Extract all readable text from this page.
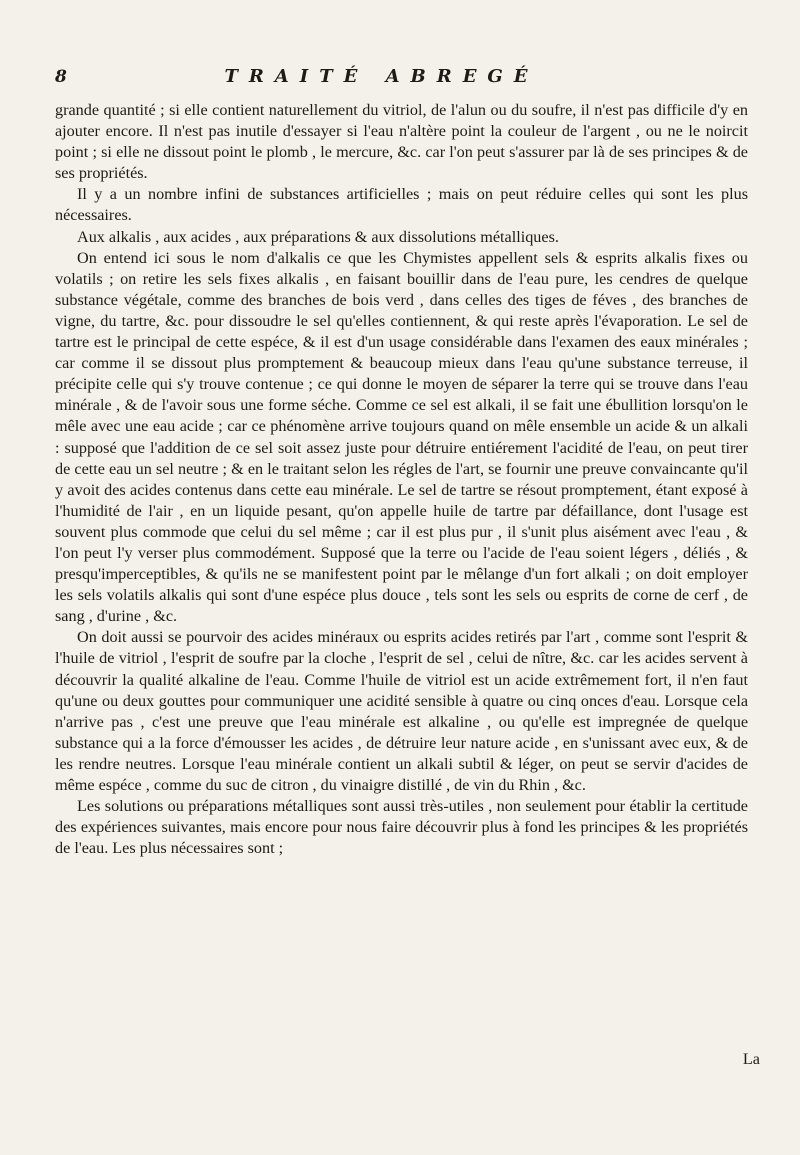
8	TRAITÉ ABREGÉ

grande quantité ; si elle contient naturellement du vitriol, de l'alun ou du soufre, il n'est pas difficile d'y en ajouter encore. Il n'est pas inutile d'essayer si l'eau n'altère point la couleur de l'argent , ou ne le noircit point ; si elle ne dissout point le plomb , le mercure, &c. car l'on peut s'assurer par là de ses principes & de ses propriétés.

Il y a un nombre infini de substances artificielles ; mais on peut réduire celles qui sont les plus nécessaires.

Aux alkalis , aux acides , aux préparations & aux dissolutions métalliques.

On entend ici sous le nom d'alkalis ce que les Chymistes appellent sels & esprits alkalis fixes ou volatils ; on retire les sels fixes alkalis , en faisant bouillir dans de l'eau pure, les cendres de quelque substance végétale, comme des branches de bois verd , dans celles des tiges de féves , des branches de vigne, du tartre, &c. pour dissoudre le sel qu'elles contiennent, & qui reste après l'évaporation. Le sel de tartre est le principal de cette espéce, & il est d'un usage considérable dans l'examen des eaux minérales ; car comme il se dissout plus promptement & beaucoup mieux dans l'eau qu'une substance terreuse, il précipite celle qui s'y trouve contenue ; ce qui donne le moyen de séparer la terre qui se trouve dans l'eau minérale , & de l'avoir sous une forme séche. Comme ce sel est alkali, il se fait une ébullition lorsqu'on le mêle avec une eau acide ; car ce phénomène arrive toujours quand on mêle ensemble un acide & un alkali : supposé que l'addition de ce sel soit assez juste pour détruire entiérement l'acidité de l'eau, on peut tirer de cette eau un sel neutre ; & en le traitant selon les régles de l'art, se fournir une preuve convaincante qu'il y avoit des acides contenus dans cette eau minérale. Le sel de tartre se résout promptement, étant exposé à l'humidité de l'air , en un liquide pesant, qu'on appelle huile de tartre par défaillance, dont l'usage est souvent plus commode que celui du sel même ; car il est plus pur , il s'unit plus aisément avec l'eau , & l'on peut l'y verser plus commodément. Supposé que la terre ou l'acide de l'eau soient légers , déliés , & presqu'imperceptibles, & qu'ils ne se manifestent point par le mêlange d'un fort alkali ; on doit employer les sels volatils alkalis qui sont d'une espéce plus douce , tels sont les sels ou esprits de corne de cerf , de sang , d'urine , &c.

On doit aussi se pourvoir des acides minéraux ou esprits acides retirés par l'art , comme sont l'esprit & l'huile de vitriol , l'esprit de soufre par la cloche , l'esprit de sel , celui de nître, &c. car les acides servent à découvrir la qualité alkaline de l'eau. Comme l'huile de vitriol est un acide extrêmement fort, il n'en faut qu'une ou deux gouttes pour communiquer une acidité sensible à quatre ou cinq onces d'eau. Lorsque cela n'arrive pas , c'est une preuve que l'eau minérale est alkaline , ou qu'elle est impregnée de quelque substance qui a la force d'émousser les acides , de détruire leur nature acide , en s'unissant avec eux, & de les rendre neutres. Lorsque l'eau minérale contient un alkali subtil & léger, on peut se servir d'acides de même espéce , comme du suc de citron , du vinaigre distillé , de vin du Rhin , &c.

Les solutions ou préparations métalliques sont aussi très-utiles , non seulement pour établir la certitude des expériences suivantes, mais encore pour nous faire découvrir plus à fond les principes & les propriétés de l'eau. Les plus nécessaires sont ;

La
